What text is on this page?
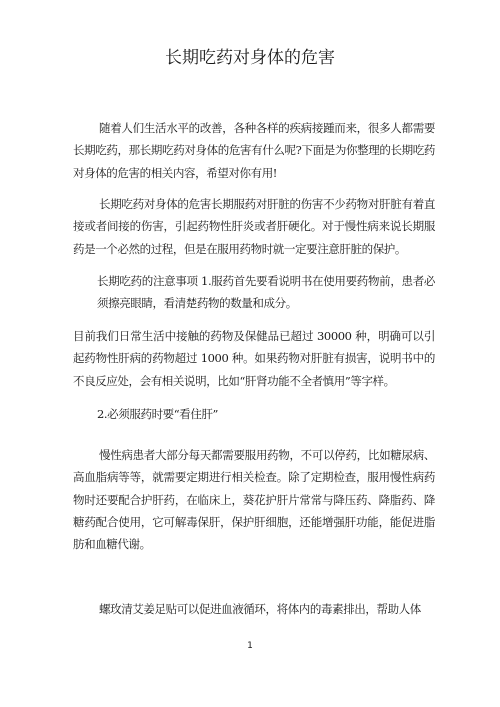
长期吃药对身体的危害

随着人们生活水平的改善，各种各样的疾病接踵而来，很多人都需要长期吃药，那长期吃药对身体的危害有什么呢?下面是为你整理的长期吃药对身体的危害的相关内容，希望对你有用!

长期吃药对身体的危害长期服药对肝脏的伤害不少药物对肝脏有着直接或者间接的伤害，引起药物性肝炎或者肝硬化。对于慢性病来说长期服药是一个必然的过程，但是在服用药物时就一定要注意肝脏的保护。

长期吃药的注意事项 1.服药首先要看说明书在使用要药物前，患者必须擦亮眼睛，看清楚药物的数量和成分。

目前我们日常生活中接触的药物及保健品已超过 30000 种，明确可以引起药物性肝病的药物超过 1000 种。如果药物对肝脏有损害，说明书中的不良反应处，会有相关说明，比如“肝肾功能不全者慎用”等字样。

2.必须服药时要“看住肝”

慢性病患者大部分每天都需要服用药物，不可以停药，比如糖尿病、高血脂病等等，就需要定期进行相关检查。除了定期检查，服用慢性病药物时还要配合护肝药，在临床上，葵花护肝片常常与降压药、降脂药、降糖药配合使用，它可解毒保肝，保护肝细胞，还能增强肝功能，能促进脂肪和血糖代谢。

螺玫清艾姜足贴可以促进血液循环，将体内的毒素排出，帮助人体

1
